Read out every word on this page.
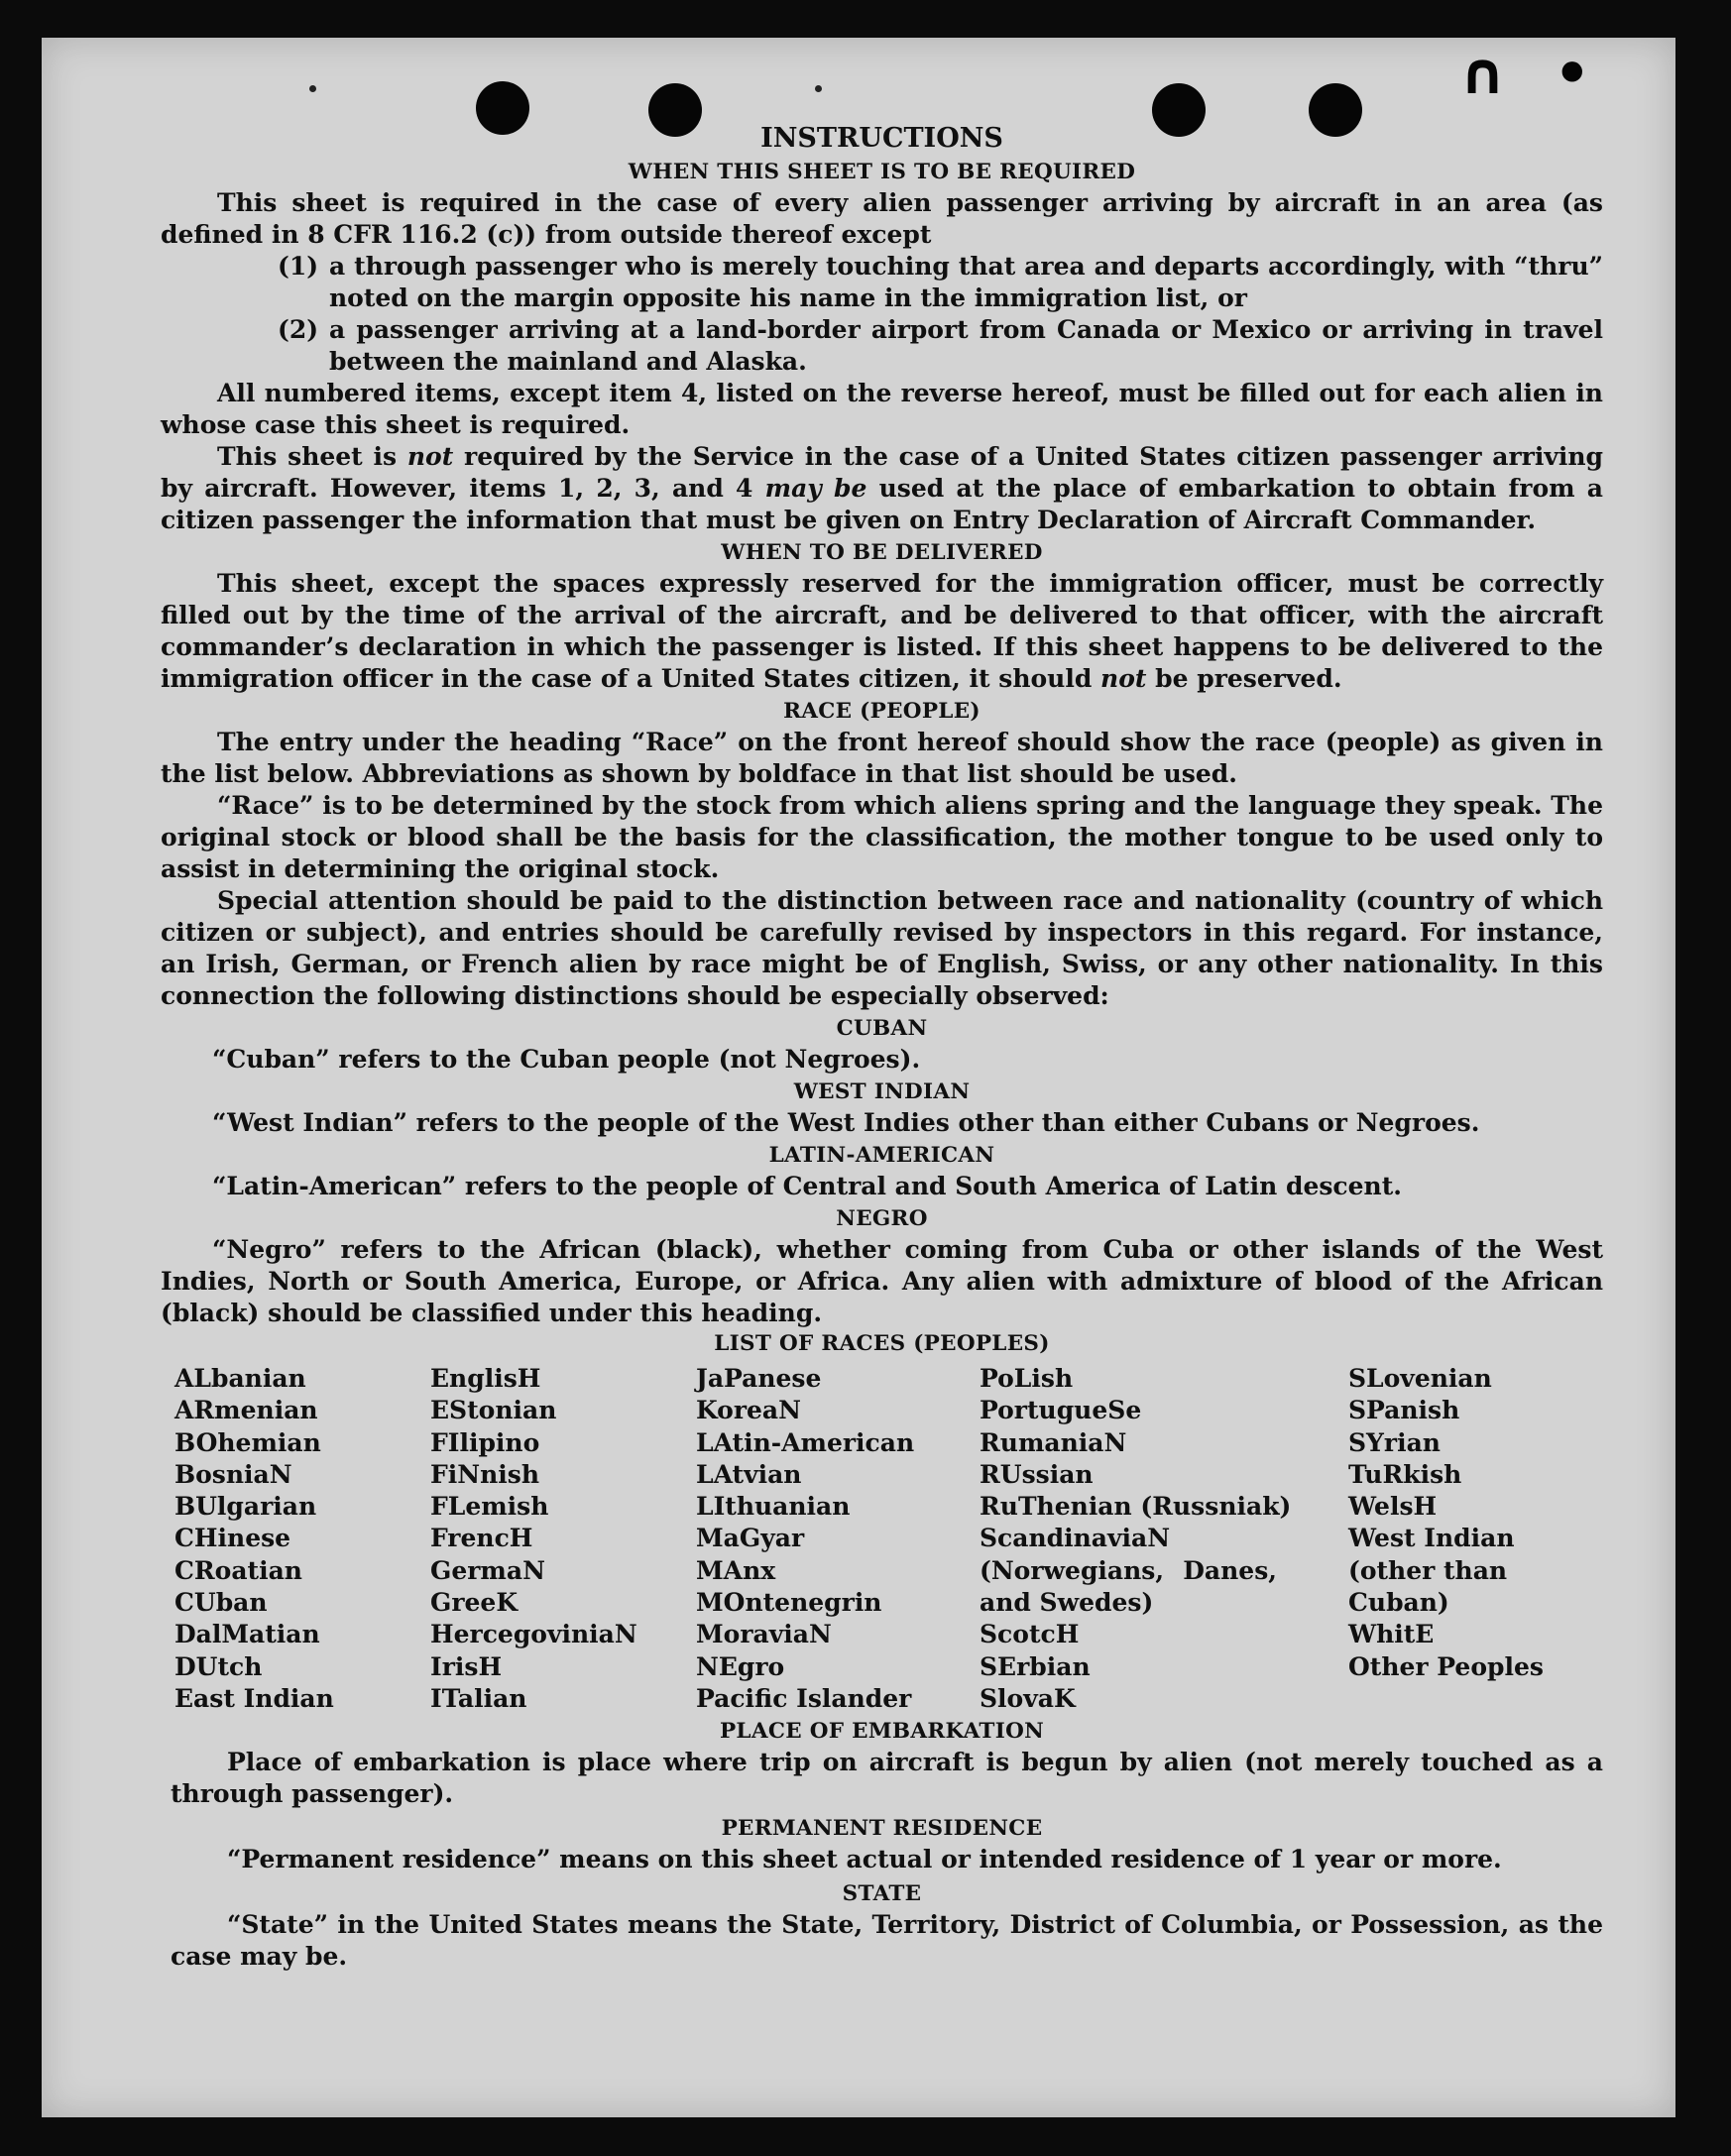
∩ •
INSTRUCTIONS
WHEN THIS SHEET IS TO BE REQUIRED

This sheet is required in the case of every alien passenger arriving by aircraft in an area (as defined in 8 CFR 116.2 (c)) from outside thereof except

(1) a through passenger who is merely touching that area and departs accordingly, with “thru” noted on the margin opposite his name in the immigration list, or
(2) a passenger arriving at a land-border airport from Canada or Mexico or arriving in travel between the mainland and Alaska.

All numbered items, except item 4, listed on the reverse hereof, must be filled out for each alien in whose case this sheet is required.

This sheet is not required by the Service in the case of a United States citizen passenger arriving by aircraft. However, items 1, 2, 3, and 4 may be used at the place of embarkation to obtain from a citizen passenger the information that must be given on Entry Declaration of Aircraft Commander.

WHEN TO BE DELIVERED

This sheet, except the spaces expressly reserved for the immigration officer, must be correctly filled out by the time of the arrival of the aircraft, and be delivered to that officer, with the aircraft commander’s declaration in which the passenger is listed. If this sheet happens to be delivered to the immigration officer in the case of a United States citizen, it should not be preserved.

RACE (PEOPLE)

The entry under the heading “Race” on the front hereof should show the race (people) as given in the list below. Abbreviations as shown by boldface in that list should be used.

“Race” is to be determined by the stock from which aliens spring and the language they speak. The original stock or blood shall be the basis for the classification, the mother tongue to be used only to assist in determining the original stock.

Special attention should be paid to the distinction between race and nationality (country of which citizen or subject), and entries should be carefully revised by inspectors in this regard. For instance, an Irish, German, or French alien by race might be of English, Swiss, or any other nationality. In this connection the following distinctions should be especially observed:

CUBAN

“Cuban” refers to the Cuban people (not Negroes).

WEST INDIAN

“West Indian” refers to the people of the West Indies other than either Cubans or Negroes.

LATIN-AMERICAN

“Latin-American” refers to the people of Central and South America of Latin descent.

NEGRO

“Negro” refers to the African (black), whether coming from Cuba or other islands of the West Indies, North or South America, Europe, or Africa. Any alien with admixture of blood of the African (black) should be classified under this heading.

LIST OF RACES (PEOPLES)
ALbanian
ARmenian
BOhemian
BosniaN
BUlgarian
CHinese
CRoatian
CUban
DalMatian
DUtch
East Indian
EnglisH
EStonian
FIlipino
FiNnish
FLemish
FrencH
GermaN
GreeK
HercegoviniaN
IrisH
ITalian
JaPanese
KoreaN
LAtin-American
LAtvian
LIthuanian
MaGyar
MAnx
MOntenegrin
MoraviaN
NEgro
Pacific Islander
PoLish
PortugueSe
RumaniaN
RUssian
RuThenian (Russniak)
ScandinaviaN (Norwegians, Danes, and Swedes)
ScotcH
SErbian
SlovaK
SLovenian
SPanish
SYrian
TuRkish
WelsH
West Indian (other than Cuban)
WhitE
Other Peoples
PLACE OF EMBARKATION

Place of embarkation is place where trip on aircraft is begun by alien (not merely touched as a through passenger).

PERMANENT RESIDENCE

“Permanent residence” means on this sheet actual or intended residence of 1 year or more.

STATE

“State” in the United States means the State, Territory, District of Columbia, or Possession, as the case may be.
